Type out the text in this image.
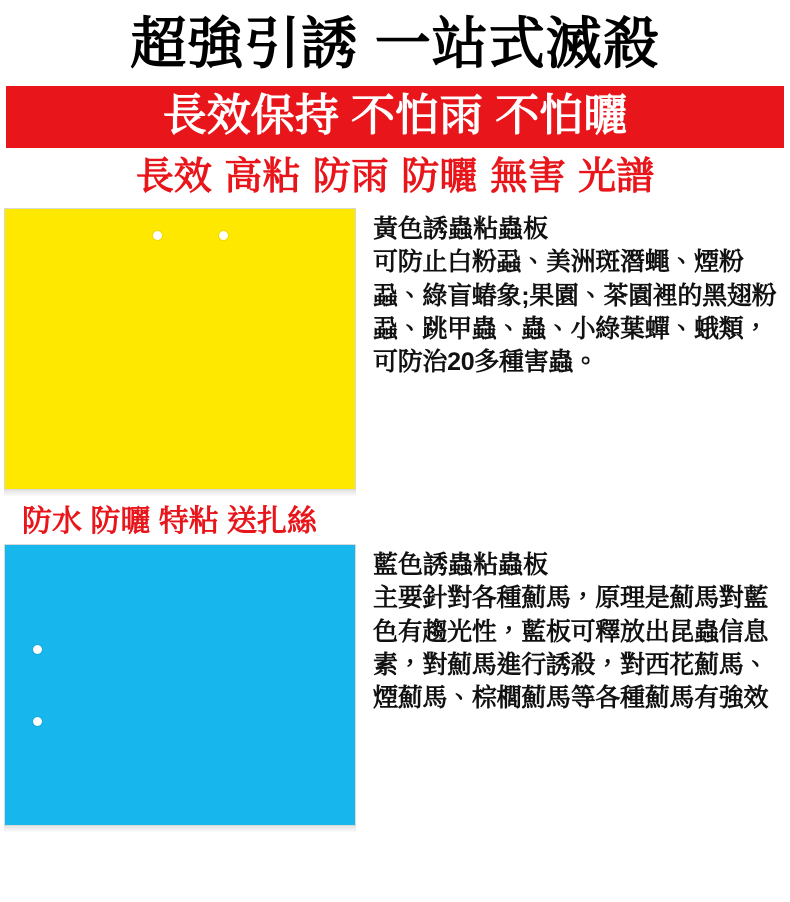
超強引誘 一站式滅殺
長效保持 不怕雨 不怕曬
長效 高粘 防雨 防曬 無害 光譜
黃色誘蟲粘蟲板
可防止白粉蝨、美洲斑潛蠅、煙粉蝨、綠盲蝽象;果園、茶園裡的黑翅粉蝨、跳甲蟲、蟲、小綠葉蟬、蛾類，可防治20多種害蟲。
防水 防曬 特粘 送扎絲
藍色誘蟲粘蟲板
主要針對各種薊馬，原理是薊馬對藍色有趨光性，藍板可釋放出昆蟲信息素，對薊馬進行誘殺，對西花薊馬、煙薊馬、棕櫚薊馬等各種薊馬有強效
